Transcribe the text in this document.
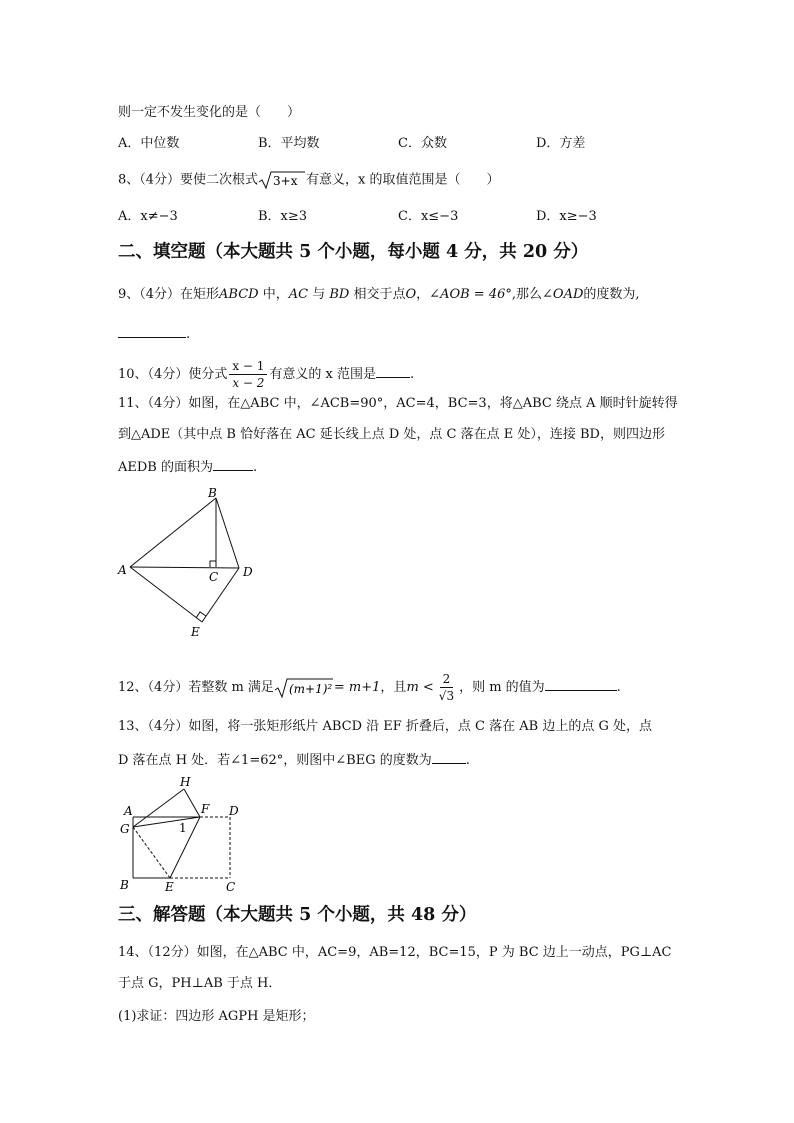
则一定不发生变化的是（　　）
A．中位数	B．平均数	C．众数	D．方差
8、（4分）要使二次根式 3+x 有意义，x 的取值范围是（　　）
A．x≠−3	B．x≥3	C．x≤−3	D．x≥−3
二、填空题（本大题共 5 个小题，每小题 4 分，共 20 分）
9、（4分）在矩形ABCD 中，AC 与 BD 相交于点O，∠AOB = 46°,那么∠OAD的度数为,
.
10、（4分）使分式 $\frac{x - 1}{x - 2}$ 有意义的 x 范围是	.
11、（4分）如图，在△ABC 中，∠ACB=90°，AC=4，BC=3，将△ABC 绕点 A 顺时针旋转得
到△ADE（其中点 B 恰好落在 AC 延长线上点 D 处，点 C 落在点 E 处），连接 BD，则四边形
AEDB 的面积为	.
B
A	C D
E
12、（4分）若整数 m 满足 (m+1)² = m+1，且$m < \frac{2}{√3}$ ，则 m 的值为	.
13、（4分）如图，将一张矩形纸片 ABCD 沿 EF 折叠后，点 C 落在 AB 边上的点 G 处，点
D 落在点 H 处．若∠1=62°，则图中∠BEG 的度数为	.
H
A	F D
G	1
B	E	C
三、解答题（本大题共 5 个小题，共 48 分）
14、（12分）如图，在△ABC 中，AC=9，AB=12，BC=15，P 为 BC 边上一动点，PG⊥AC
于点 G，PH⊥AB 于点 H．
(1)求证：四边形 AGPH 是矩形；
